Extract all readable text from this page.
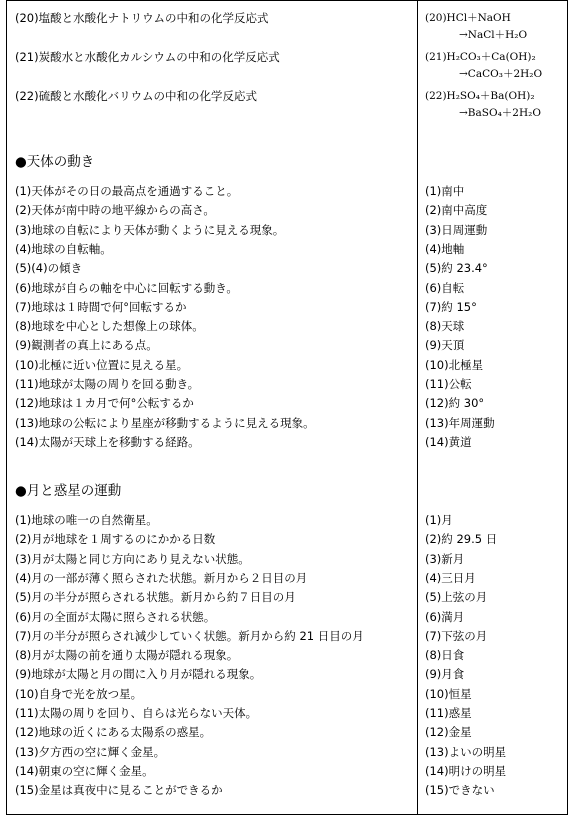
(20)塩酸と水酸化ナトリウムの中和の化学反応式
(21)炭酸水と水酸化カルシウムの中和の化学反応式
(22)硫酸と水酸化バリウムの中和の化学反応式
(20)HCl＋NaOH
→NaCl＋H₂O
(21)H₂CO₃＋Ca(OH)₂
→CaCO₃＋2H₂O
(22)H₂SO₄＋Ba(OH)₂
→BaSO₄＋2H₂O
●天体の動き
(1)天体がその日の最高点を通過すること。
(2)天体が南中時の地平線からの高さ。
(3)地球の自転により天体が動くように見える現象。
(4)地球の自転軸。
(5)(4)の傾き
(6)地球が自らの軸を中心に回転する動き。
(7)地球は１時間で何°回転するか
(8)地球を中心とした想像上の球体。
(9)観測者の真上にある点。
(10)北極に近い位置に見える星。
(11)地球が太陽の周りを回る動き。
(12)地球は１カ月で何°公転するか
(13)地球の公転により星座が移動するように見える現象。
(14)太陽が天球上を移動する経路。
(1)南中
(2)南中高度
(3)日周運動
(4)地軸
(5)約 23.4°
(6)自転
(7)約 15°
(8)天球
(9)天頂
(10)北極星
(11)公転
(12)約 30°
(13)年周運動
(14)黄道
●月と惑星の運動
(1)地球の唯一の自然衛星。
(2)月が地球を１周するのにかかる日数
(3)月が太陽と同じ方向にあり見えない状態。
(4)月の一部が薄く照らされた状態。新月から２日目の月
(5)月の半分が照らされる状態。新月から約７日目の月
(6)月の全面が太陽に照らされる状態。
(7)月の半分が照らされ減少していく状態。新月から約 21 日目の月
(8)月が太陽の前を通り太陽が隠れる現象。
(9)地球が太陽と月の間に入り月が隠れる現象。
(10)自身で光を放つ星。
(11)太陽の周りを回り、自らは光らない天体。
(12)地球の近くにある太陽系の惑星。
(13)夕方西の空に輝く金星。
(14)朝東の空に輝く金星。
(15)金星は真夜中に見ることができるか
(1)月
(2)約 29.5 日
(3)新月
(4)三日月
(5)上弦の月
(6)満月
(7)下弦の月
(8)日食
(9)月食
(10)恒星
(11)惑星
(12)金星
(13)よいの明星
(14)明けの明星
(15)できない
